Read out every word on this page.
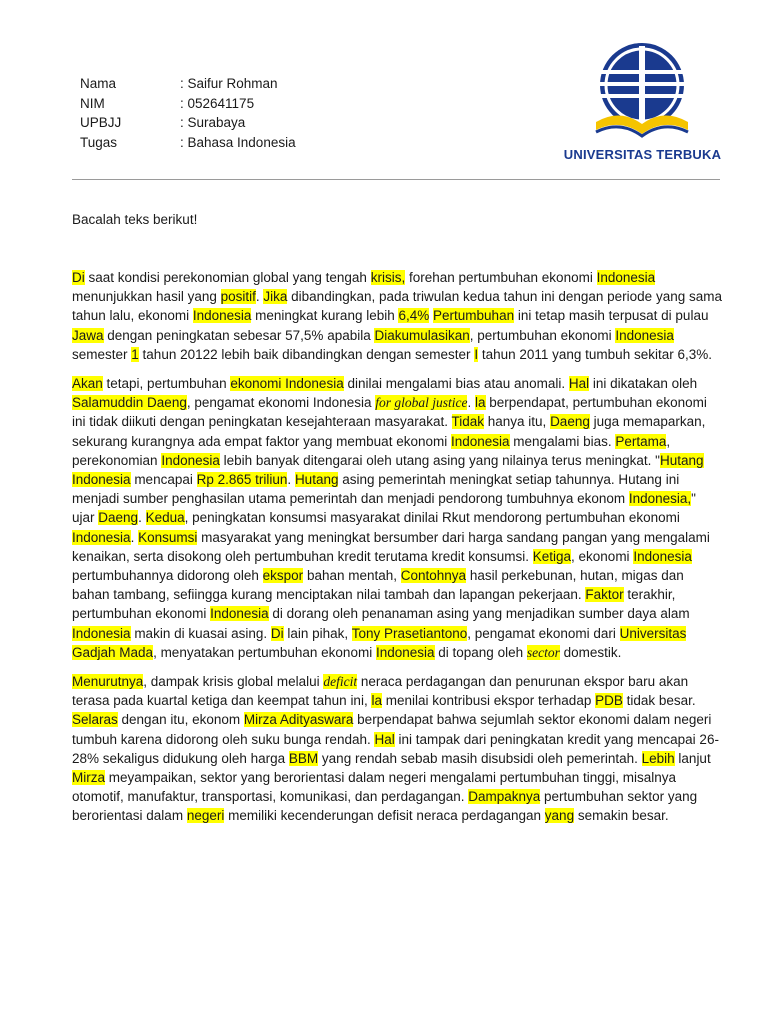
Nama	: Saifur Rohman
NIM	: 052641175
UPBJJ	: Surabaya
Tugas	: Bahasa Indonesia
UNIVERSITAS TERBUKA
Bacalah teks berikut!

Di saat kondisi perekonomian global yang tengah krisis, forehan pertumbuhan ekonomi Indonesia menunjukkan hasil yang positif. Jika dibandingkan, pada triwulan kedua tahun ini dengan periode yang sama tahun lalu, ekonomi Indonesia meningkat kurang lebih 6,4% Pertumbuhan ini tetap masih terpusat di pulau Jawa dengan peningkatan sebesar 57,5% apabila Diakumulasikan, pertumbuhan ekonomi Indonesia semester 1 tahun 20122 lebih baik dibandingkan dengan semester I tahun 2011 yang tumbuh sekitar 6,3%.

Akan tetapi, pertumbuhan ekonomi Indonesia dinilai mengalami bias atau anomali. Hal ini dikatakan oleh Salamuddin Daeng, pengamat ekonomi Indonesia for global justice. la berpendapat, pertumbuhan ekonomi ini tidak diikuti dengan peningkatan kesejahteraan masyarakat. Tidak hanya itu, Daeng juga memaparkan, sekurang kurangnya ada empat faktor yang membuat ekonomi Indonesia mengalami bias. Pertama, perekonomian Indonesia lebih banyak ditengarai oleh utang asing yang nilainya terus meningkat. "Hutang Indonesia mencapai Rp 2.865 triliun. Hutang asing pemerintah meningkat setiap tahunnya. Hutang ini menjadi sumber penghasilan utama pemerintah dan menjadi pendorong tumbuhnya ekonom Indonesia," ujar Daeng. Kedua, peningkatan konsumsi masyarakat dinilai Rkut mendorong pertumbuhan ekonomi Indonesia. Konsumsi masyarakat yang meningkat bersumber dari harga sandang pangan yang mengalami kenaikan, serta disokong oleh pertumbuhan kredit terutama kredit konsumsi. Ketiga, ekonomi Indonesia pertumbuhannya didorong oleh ekspor bahan mentah, Contohnya hasil perkebunan, hutan, migas dan bahan tambang, sefiingga kurang menciptakan nilai tambah dan lapangan pekerjaan. Faktor terakhir, pertumbuhan ekonomi Indonesia di dorang oleh penanaman asing yang menjadikan sumber daya alam Indonesia makin di kuasai asing. Di lain pihak, Tony Prasetiantono, pengamat ekonomi dari Universitas Gadjah Mada, menyatakan pertumbuhan ekonomi Indonesia di topang oleh sector domestik.

Menurutnya, dampak krisis global melalui deficit neraca perdagangan dan penurunan ekspor baru akan terasa pada kuartal ketiga dan keempat tahun ini, la menilai kontribusi ekspor terhadap PDB tidak besar. Selaras dengan itu, ekonom Mirza Adityaswara berpendapat bahwa sejumlah sektor ekonomi dalam negeri tumbuh karena didorong oleh suku bunga rendah. Hal ini tampak dari peningkatan kredit yang mencapai 26-28% sekaligus didukung oleh harga BBM yang rendah sebab masih disubsidi oleh pemerintah. Lebih lanjut Mirza meyampaikan, sektor yang berorientasi dalam negeri mengalami pertumbuhan tinggi, misalnya otomotif, manufaktur, transportasi, komunikasi, dan perdagangan. Dampaknya pertumbuhan sektor yang berorientasi dalam negeri memiliki kecenderungan defisit neraca perdagangan yang semakin besar.
